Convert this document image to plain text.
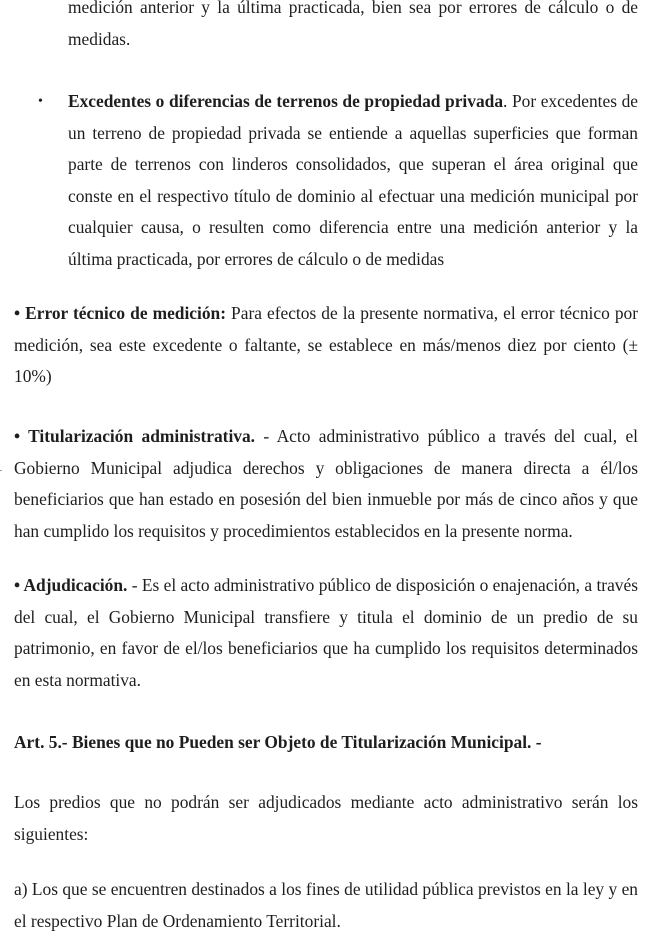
medición anterior y la última practicada, bien sea por errores de cálculo o de medidas.

• Excedentes o diferencias de terrenos de propiedad privada. Por excedentes de un terreno de propiedad privada se entiende a aquellas superficies que forman parte de terrenos con linderos consolidados, que superan el área original que conste en el respectivo título de dominio al efectuar una medición municipal por cualquier causa, o resulten como diferencia entre una medición anterior y la última practicada, por errores de cálculo o de medidas

• Error técnico de medición: Para efectos de la presente normativa, el error técnico por medición, sea este excedente o faltante, se establece en más/menos diez por ciento (± 10%)

• Titularización administrativa. - Acto administrativo público a través del cual, el Gobierno Municipal adjudica derechos y obligaciones de manera directa a él/los beneficiarios que han estado en posesión del bien inmueble por más de cinco años y que han cumplido los requisitos y procedimientos establecidos en la presente norma.

• Adjudicación. - Es el acto administrativo público de disposición o enajenación, a través del cual, el Gobierno Municipal transfiere y titula el dominio de un predio de su patrimonio, en favor de el/los beneficiarios que ha cumplido los requisitos determinados en esta normativa.

Art. 5.- Bienes que no Pueden ser Objeto de Titularización Municipal. -

Los predios que no podrán ser adjudicados mediante acto administrativo serán los siguientes:

a) Los que se encuentren destinados a los fines de utilidad pública previstos en la ley y en el respectivo Plan de Ordenamiento Territorial.
